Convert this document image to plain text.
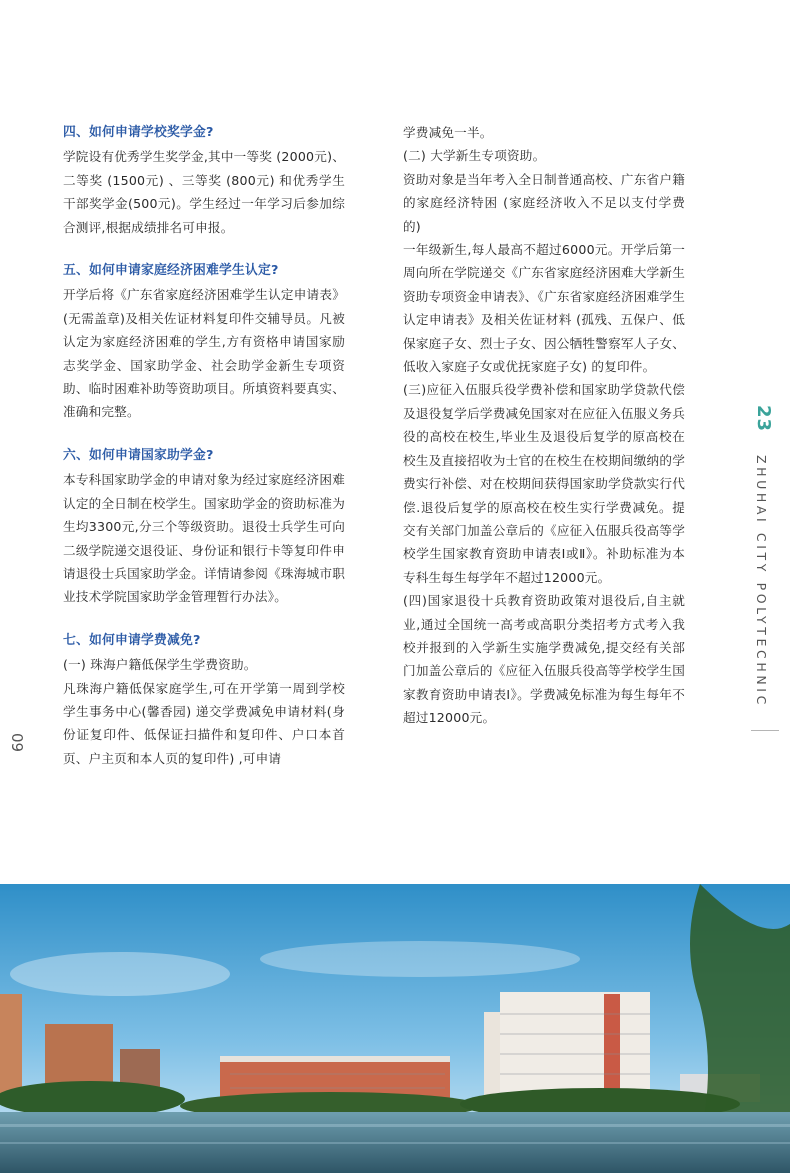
四、如何申请学校奖学金?

学院设有优秀学生奖学金,其中一等奖 (2000元)、二等奖 (1500元) 、三等奖 (800元) 和优秀学生干部奖学金(500元)。学生经过一年学习后参加综合测评,根据成绩排名可申报。

五、如何申请家庭经济困难学生认定?

开学后将《广东省家庭经济困难学生认定申请表》(无需盖章)及相关佐证材料复印件交辅导员。凡被认定为家庭经济困难的学生,方有资格申请国家励志奖学金、国家助学金、社会助学金新生专项资助、临时困难补助等资助项目。所填资料要真实、准确和完整。

六、如何申请国家助学金?

本专科国家助学金的申请对象为经过家庭经济困难认定的全日制在校学生。国家助学金的资助标准为生均3300元,分三个等级资助。退役士兵学生可向二级学院递交退役证、身份证和银行卡等复印件申请退役士兵国家助学金。详情请参阅《珠海城市职业技术学院国家助学金管理暂行办法》。

七、如何申请学费减免?

(一) 珠海户籍低保学生学费资助。

凡珠海户籍低保家庭学生,可在开学第一周到学校学生事务中心(馨香园) 递交学费减免申请材料(身份证复印件、低保证扫描件和复印件、户口本首页、户主页和本人页的复印件) ,可申请

学费减免一半。

(二) 大学新生专项资助。

资助对象是当年考入全日制普通高校、广东省户籍的家庭经济特困 (家庭经济收入不足以支付学费的)

一年级新生,每人最高不超过6000元。开学后第一周向所在学院递交《广东省家庭经济困难大学新生资助专项资金申请表》、《广东省家庭经济困难学生认定申请表》及相关佐证材料 (孤残、五保户、低保家庭子女、烈士子女、因公牺牲警察军人子女、低收入家庭子女或优抚家庭子女) 的复印件。

(三)应征入伍服兵役学费补偿和国家助学贷款代偿及退役复学后学费减免国家对在应征入伍服义务兵役的高校在校生,毕业生及退役后复学的原高校在校生及直接招收为士官的在校生在校期间缴纳的学费实行补偿、对在校期间获得国家助学贷款实行代偿.退役后复学的原高校在校生实行学费减免。提交有关部门加盖公章后的《应征入伍服兵役高等学校学生国家教育资助申请表Ⅰ或Ⅱ》。补助标准为本专科生每生每学年不超过12000元。

(四)国家退役十兵教育资助政策对退役后,自主就业,通过全国统一高考或高职分类招考方式考入我校并报到的入学新生实施学费减免,提交经有关部门加盖公章后的《应征入伍服兵役高等学校学生国家教育资助申请表Ⅰ》。学费减免标准为每生每年不超过12000元。

23
ZHUHAI CITY POLYTECHNIC
09
